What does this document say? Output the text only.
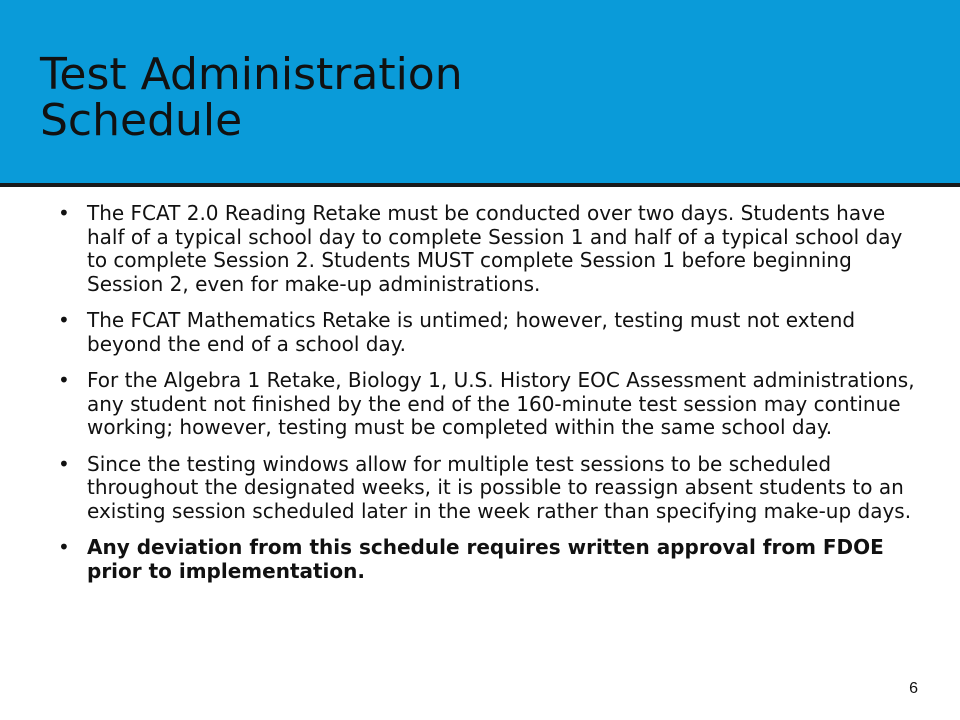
Test Administration
Schedule
• The FCAT 2.0 Reading Retake must be conducted over two days. Students have half of a typical school day to complete Session 1 and half of a typical school day to complete Session 2. Students MUST complete Session 1 before beginning Session 2, even for make-up administrations.
• The FCAT Mathematics Retake is untimed; however, testing must not extend beyond the end of a school day.
• For the Algebra 1 Retake, Biology 1, U.S. History EOC Assessment administrations, any student not finished by the end of the 160-minute test session may continue working; however, testing must be completed within the same school day.
• Since the testing windows allow for multiple test sessions to be scheduled throughout the designated weeks, it is possible to reassign absent students to an existing session scheduled later in the week rather than specifying make-up days.
• Any deviation from this schedule requires written approval from FDOE prior to implementation.
6
